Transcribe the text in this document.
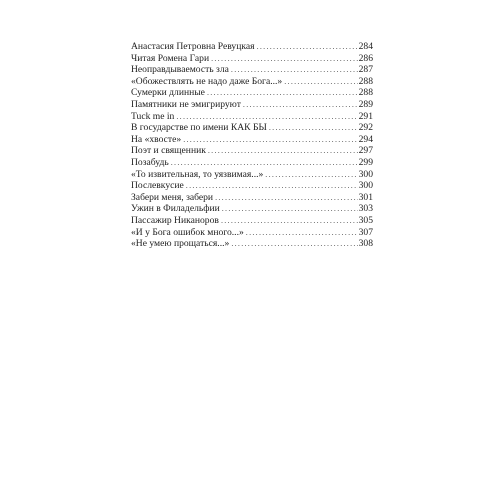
Анастасия Петровна Ревуцкая .....	284
Читая Ромена Гари .....	286
Неоправдываемость зла .....	287
«Обожествлять не надо даже Бога...» .....	288
Сумерки длинные .....	288
Памятники не эмигрируют .....	289
Tuck me in .....	291
В государстве по имени КАК БЫ .....	292
На «хвосте» .....	294
Поэт и священник .....	297
Позабудь .....	299
«То извительная, то уязвимая...» .....	300
Послевкусие .....	300
Забери меня, забери .....	301
Ужин в Филадельфии .....	303
Пассажир Никаноров .....	305
«И у Бога ошибок много...» .....	307
«Не умею прощаться...» .....	308
